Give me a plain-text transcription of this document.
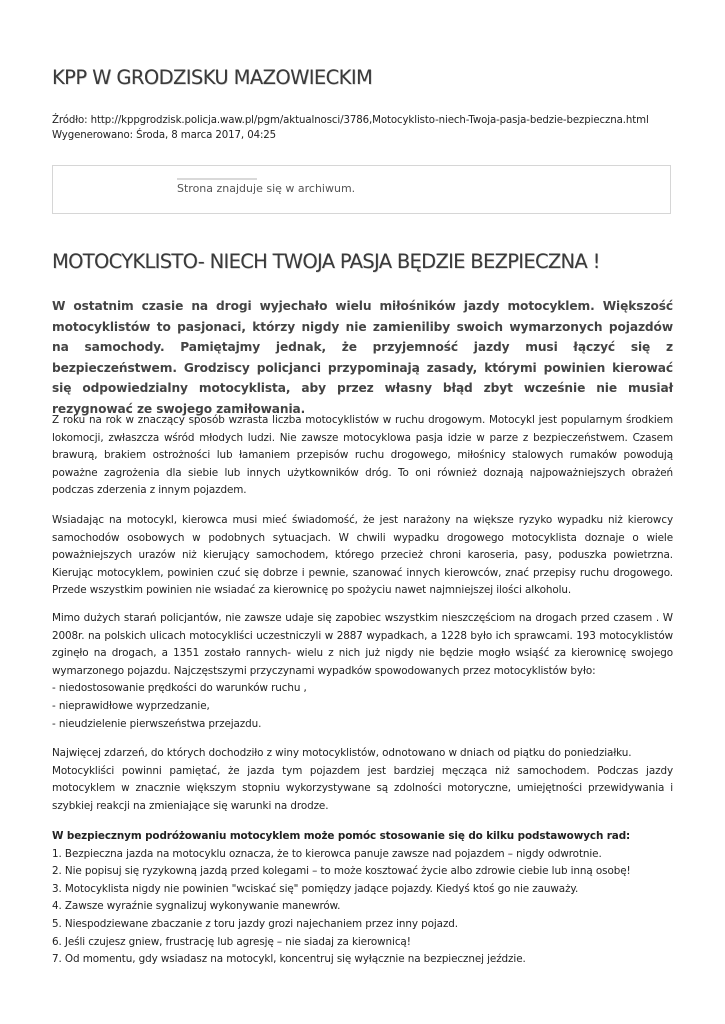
KPP W GRODZISKU MAZOWIECKIM
Źródło: http://kppgrodzisk.policja.waw.pl/pgm/aktualnosci/3786,Motocyklisto-niech-Twoja-pasja-bedzie-bezpieczna.html
Wygenerowano: Środa, 8 marca 2017, 04:25
Strona znajduje się w archiwum.
MOTOCYKLISTO- NIECH TWOJA PASJA BĘDZIE BEZPIECZNA !

W ostatnim czasie na drogi wyjechało wielu miłośników jazdy motocyklem. Większość motocyklistów to pasjonaci, którzy nigdy nie zamieniliby swoich wymarzonych pojazdów na samochody. Pamiętajmy jednak, że przyjemność jazdy musi łączyć się z bezpieczeństwem. Grodziscy policjanci przypominają zasady, którymi powinien kierować się odpowiedzialny motocyklista, aby przez własny błąd zbyt wcześnie nie musiał rezygnować ze swojego zamiłowania.

Z roku na rok w znaczący sposób wzrasta liczba motocyklistów w ruchu drogowym. Motocykl jest popularnym środkiem lokomocji, zwłaszcza wśród młodych ludzi. Nie zawsze motocyklowa pasja idzie w parze z bezpieczeństwem. Czasem brawurą, brakiem ostrożności lub łamaniem przepisów ruchu drogowego, miłośnicy stalowych rumaków powodują poważne zagrożenia dla siebie lub innych użytkowników dróg. To oni również doznają najpoważniejszych obrażeń podczas zderzenia z innym pojazdem.

Wsiadając na motocykl, kierowca musi mieć świadomość, że jest narażony na większe ryzyko wypadku niż kierowcy samochodów osobowych w podobnych sytuacjach. W chwili wypadku drogowego motocyklista doznaje o wiele poważniejszych urazów niż kierujący samochodem, którego przecież chroni karoseria, pasy, poduszka powietrzna. Kierując motocyklem, powinien czuć się dobrze i pewnie, szanować innych kierowców, znać przepisy ruchu drogowego. Przede wszystkim powinien nie wsiadać za kierownicę po spożyciu nawet najmniejszej ilości alkoholu.

Mimo dużych starań policjantów, nie zawsze udaje się zapobiec wszystkim nieszczęściom na drogach przed czasem . W 2008r. na polskich ulicach motocykliści uczestniczyli w 2887 wypadkach, a 1228 było ich sprawcami. 193 motocyklistów zginęło na drogach, a 1351 zostało rannych- wielu z nich już nigdy nie będzie mogło wsiąść za kierownicę swojego wymarzonego pojazdu. Najczęstszymi przyczynami wypadków spowodowanych przez motocyklistów było:
- niedostosowanie prędkości do warunków ruchu ,
- nieprawidłowe wyprzedzanie,
- nieudzielenie pierwszeństwa przejazdu.
Najwięcej zdarzeń, do których dochodziło z winy motocyklistów, odnotowano w dniach od piątku do poniedziałku.
Motocykliści powinni pamiętać, że jazda tym pojazdem jest bardziej męcząca niż samochodem. Podczas jazdy motocyklem w znacznie większym stopniu wykorzystywane są zdolności motoryczne, umiejętności przewidywania i szybkiej reakcji na zmieniające się warunki na drodze.
W bezpiecznym podróżowaniu motocyklem może pomóc stosowanie się do kilku podstawowych rad:
1. Bezpieczna jazda na motocyklu oznacza, że to kierowca panuje zawsze nad pojazdem – nigdy odwrotnie.
2. Nie popisuj się ryzykowną jazdą przed kolegami – to może kosztować życie albo zdrowie ciebie lub inną osobę!
3. Motocyklista nigdy nie powinien "wciskać się" pomiędzy jadące pojazdy. Kiedyś ktoś go nie zauważy.
4. Zawsze wyraźnie sygnalizuj wykonywanie manewrów.
5. Niespodziewane zbaczanie z toru jazdy grozi najechaniem przez inny pojazd.
6. Jeśli czujesz gniew, frustrację lub agresję – nie siadaj za kierownicą!
7. Od momentu, gdy wsiadasz na motocykl, koncentruj się wyłącznie na bezpiecznej jeździe.
